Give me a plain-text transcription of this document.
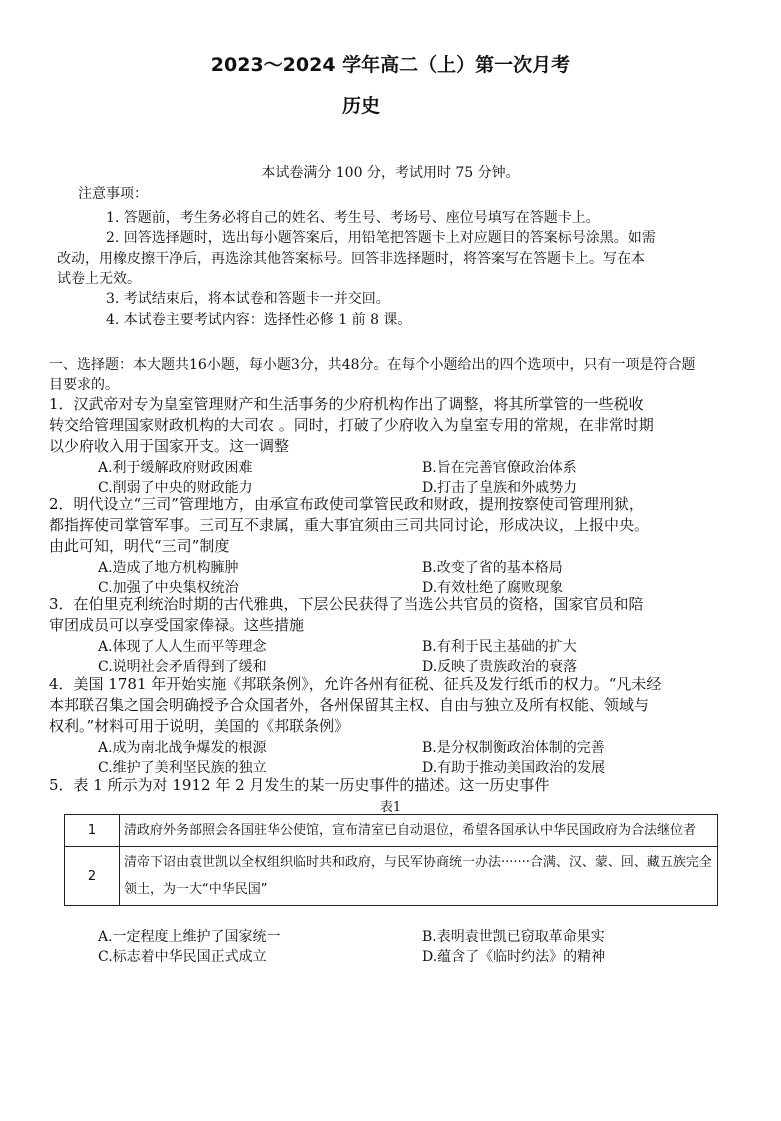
2023～2024 学年高二（上）第一次月考
历史
本试卷满分 100 分，考试用时 75 分钟。
注意事项：
1. 答题前，考生务必将自己的姓名、考生号、考场号、座位号填写在答题卡上。
2. 回答选择题时，选出每小题答案后，用铅笔把答题卡上对应题目的答案标号涂黑。如需
改动，用橡皮擦干净后，再选涂其他答案标号。回答非选择题时，将答案写在答题卡上。写在本
试卷上无效。
3. 考试结束后，将本试卷和答题卡一并交回。
4. 本试卷主要考试内容：选择性必修 1 前 8 课。
一、选择题：本大题共16小题，每小题3分，共48分。在每个小题给出的四个选项中，只有一项是符合题
目要求的。
1．汉武帝对专为皇室管理财产和生活事务的少府机构作出了调整，将其所掌管的一些税收
转交给管理国家财政机构的大司农 。同时，打破了少府收入为皇室专用的常规，在非常时期
以少府收入用于国家开支。这一调整
A.利于缓解政府财政困难	B.旨在完善官僚政治体系
C.削弱了中央的财政能力	D.打击了皇族和外戚势力
2．明代设立“三司”管理地方，由承宣布政使司掌管民政和财政，提刑按察使司管理刑狱，
都指挥使司掌管军事。三司互不隶属，重大事宜须由三司共同讨论，形成决议，上报中央。
由此可知，明代“三司”制度
A.造成了地方机构臃肿	B.改变了省的基本格局
C.加强了中央集权统治	D.有效杜绝了腐败现象
3．在伯里克利统治时期的古代雅典，下层公民获得了当选公共官员的资格，国家官员和陪
审团成员可以享受国家俸禄。这些措施
A.体现了人人生而平等理念	B.有利于民主基础的扩大
C.说明社会矛盾得到了缓和	D.反映了贵族政治的衰落
4．美国 1781 年开始实施《邦联条例》，允许各州有征税、征兵及发行纸币的权力。“凡未经
本邦联召集之国会明确授予合众国者外，各州保留其主权、自由与独立及所有权能、领域与
权利。”材料可用于说明，美国的《邦联条例》
A.成为南北战争爆发的根源	B.是分权制衡政治体制的完善
C.维护了美利坚民族的独立	D.有助于推动美国政治的发展
5．表 1 所示为对 1912 年 2 月发生的某一历史事件的描述。这一历史事件
表1
1	清政府外务部照会各国驻华公使馆，宣布清室已自动退位，希望各国承认中华民国政府为合法继位者
2	清帝下诏由袁世凯以全权组织临时共和政府，与民军协商统一办法·······合满、汉、蒙、回、藏五族完全领土，为一大“中华民国”
A.一定程度上维护了国家统一	B.表明袁世凯已窃取革命果实
C.标志着中华民国正式成立	D.蕴含了《临时约法》的精神
